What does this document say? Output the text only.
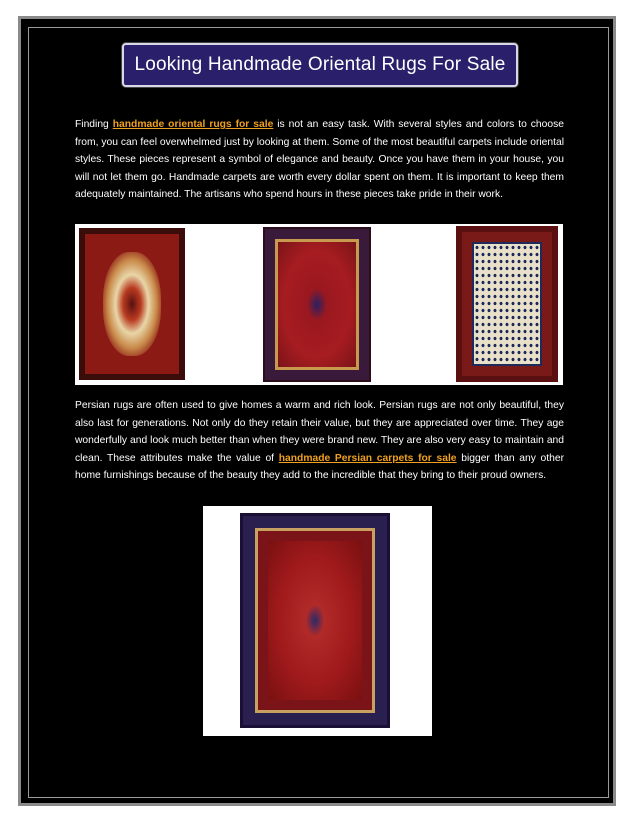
Looking Handmade Oriental Rugs For Sale

Finding handmade oriental rugs for sale is not an easy task. With several styles and colors to choose from, you can feel overwhelmed just by looking at them. Some of the most beautiful carpets include oriental styles. These pieces represent a symbol of elegance and beauty. Once you have them in your house, you will not let them go. Handmade carpets are worth every dollar spent on them. It is important to keep them adequately maintained. The artisans who spend hours in these pieces take pride in their work.

Persian rugs are often used to give homes a warm and rich look. Persian rugs are not only beautiful, they also last for generations. Not only do they retain their value, but they are appreciated over time. They age wonderfully and look much better than when they were brand new. They are also very easy to maintain and clean. These attributes make the value of handmade Persian carpets for sale bigger than any other home furnishings because of the beauty they add to the incredible that they bring to their proud owners.
